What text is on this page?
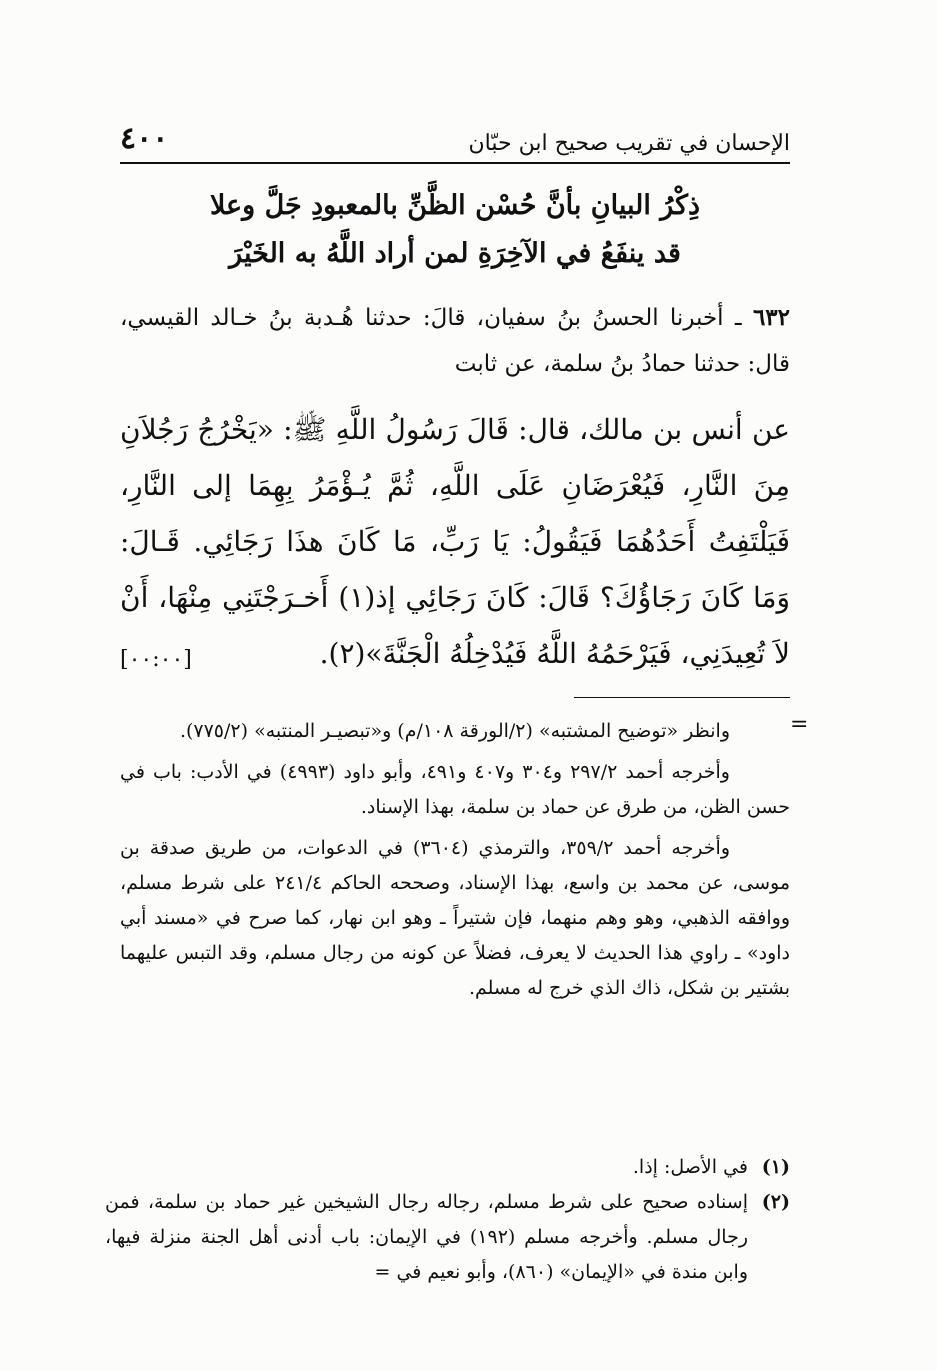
٤٠٠	الإحسان في تقريب صحيح ابن حبّان
ذِكْرُ البيانِ بأنَّ حُسْن الظَّنِّ بالمعبودِ جَلَّ وعلا
قد ينفَعُ في الآخِرَةِ لمن أراد اللَّهُ به الخَيْرَ
٦٣٢ ـ أخبرنا الحسنُ بنُ سفيان، قالَ: حدثنا هُـدبة بنُ خـالد القيسي، قال: حدثنا حمادُ بنُ سلمة، عن ثابت
عن أنس بن مالك، قال: قَالَ رَسُولُ اللَّهِ ﷺ: «يَخْرُجُ رَجُلاَنِ مِنَ النَّارِ، فَيُعْرَضَانِ عَلَى اللَّهِ، ثُمَّ يُـؤْمَرُ بِهِمَا إلى النَّارِ، فَيَلْتَفِتُ أَحَدُهُمَا فَيَقُولُ: يَا رَبِّ، مَا كَانَ هذَا رَجَائِي. قَـالَ: وَمَا كَانَ رَجَاؤُكَ؟ قَالَ: كَانَ رَجَائِي إذ(١) أَخـرَجْتَنِي مِنْهَا، أَنْ لاَ تُعِيدَنِي، فَيَرْحَمُهُ اللَّهُ فَيُدْخِلُهُ الْجَنَّةَ»(٢).
[٠٠:٠٠]
=

وانظر «توضيح المشتبه» (٢/الورقة ١٠٨/م) و«تبصيـر المنتبه» (٧٧٥/٢).

وأخرجه أحمد ٢٩٧/٢ و٣٠٤ و٤٠٧ و٤٩١، وأبو داود (٤٩٩٣) في الأدب: باب في حسن الظن، من طرق عن حماد بن سلمة، بهذا الإسناد.

وأخرجه أحمد ٣٥٩/٢، والترمذي (٣٦٠٤) في الدعوات، من طريق صدقة بن موسى، عن محمد بن واسع، بهذا الإسناد، وصححه الحاكم ٢٤١/٤ على شرط مسلم، ووافقه الذهبي، وهو وهم منهما، فإن شتيراً ـ وهو ابن نهار، كما صرح في «مسند أبي داود» ـ راوي هذا الحديث لا يعرف، فضلاً عن كونه من رجال مسلم، وقد التبس عليهما بشتير بن شكل، ذاك الذي خرج له مسلم.

(١)
في الأصل: إذا.
(٢)
إسناده صحيح على شرط مسلم، رجاله رجال الشيخين غير حماد بن سلمة، فمن رجال مسلم. وأخرجه مسلم (١٩٢) في الإيمان: باب أدنى أهل الجنة منزلة فيها، وابن مندة في «الإيمان» (٨٦٠)، وأبو نعيم في =
